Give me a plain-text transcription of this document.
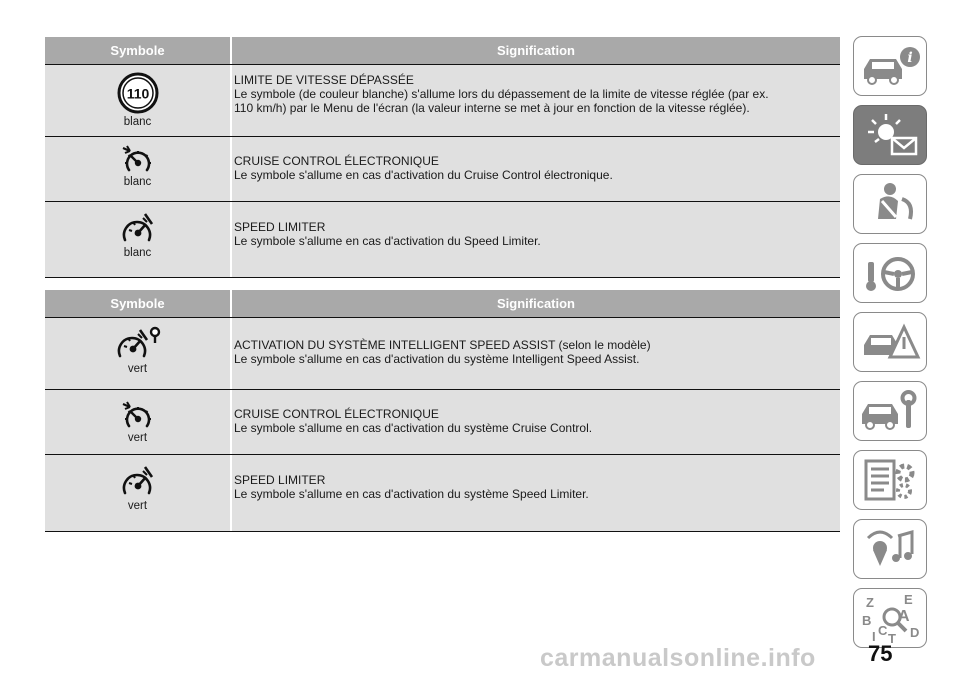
Symbole	Signification
110
blanc
LIMITE DE VITESSE DÉPASSÉE
Le symbole (de couleur blanche) s'allume lors du dépassement de la limite de vitesse réglée (par ex.
110 km/h) par le Menu de l'écran (la valeur interne se met à jour en fonction de la vitesse réglée).
blanc
CRUISE CONTROL ÉLECTRONIQUE
Le symbole s'allume en cas d'activation du Cruise Control électronique.
blanc
SPEED LIMITER
Le symbole s'allume en cas d'activation du Speed Limiter.
Symbole	Signification
vert
ACTIVATION DU SYSTÈME INTELLIGENT SPEED ASSIST (selon le modèle)
Le symbole s'allume en cas d'activation du système Intelligent Speed Assist.
vert
CRUISE CONTROL ÉLECTRONIQUE
Le symbole s'allume en cas d'activation du système Cruise Control.
vert
SPEED LIMITER
Le symbole s'allume en cas d'activation du système Speed Limiter.
i
Z E
A
B
C D
I T
carmanualsonline.info 75
